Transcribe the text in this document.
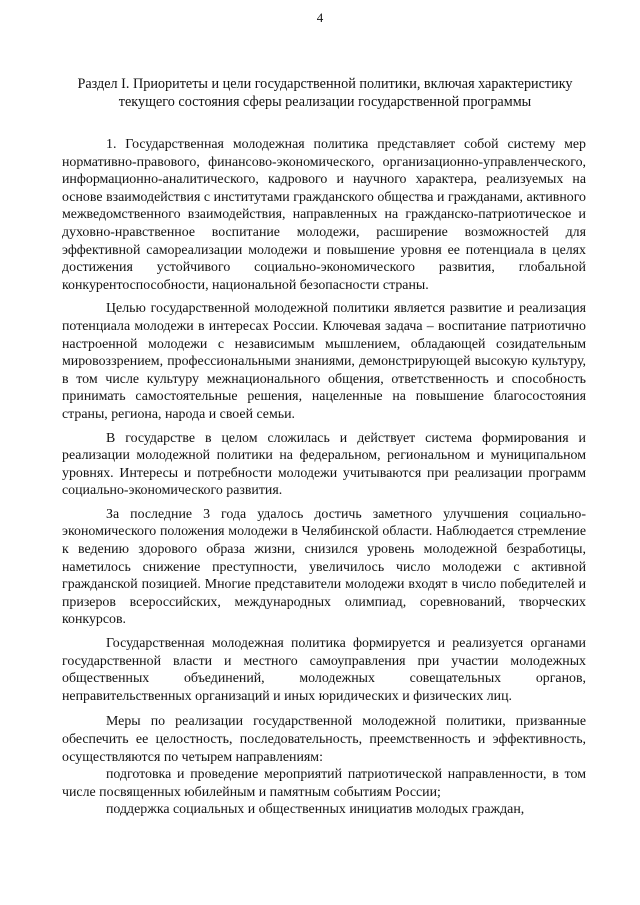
4
Раздел I. Приоритеты и цели государственной политики, включая характеристику текущего состояния сферы реализации государственной программы

1. Государственная молодежная политика представляет собой систему мер нормативно-правового, финансово-экономического, организационно-управленческого, информационно-аналитического, кадрового и научного характера, реализуемых на основе взаимодействия с институтами гражданского общества и гражданами, активного межведомственного взаимодействия, направленных на гражданско-патриотическое и духовно-нравственное воспитание молодежи, расширение возможностей для эффективной самореализации молодежи и повышение уровня ее потенциала в целях достижения устойчивого социально-экономического развития, глобальной конкурентоспособности, национальной безопасности страны.

Целью государственной молодежной политики является развитие и реализация потенциала молодежи в интересах России. Ключевая задача – воспитание патриотично настроенной молодежи с независимым мышлением, обладающей созидательным мировоззрением, профессиональными знаниями, демонстрирующей высокую культуру, в том числе культуру межнационального общения, ответственность и способность принимать самостоятельные решения, нацеленные на повышение благосостояния страны, региона, народа и своей семьи.

В государстве в целом сложилась и действует система формирования и реализации молодежной политики на федеральном, региональном и муниципальном уровнях. Интересы и потребности молодежи учитываются при реализации программ социально-экономического развития.

За последние 3 года удалось достичь заметного улучшения социально-экономического положения молодежи в Челябинской области. Наблюдается стремление к ведению здорового образа жизни, снизился уровень молодежной безработицы, наметилось снижение преступности, увеличилось число молодежи с активной гражданской позицией. Многие представители молодежи входят в число победителей и призеров всероссийских, международных олимпиад, соревнований, творческих конкурсов.

Государственная молодежная политика формируется и реализуется органами государственной власти и местного самоуправления при участии молодежных общественных объединений, молодежных совещательных органов, неправительственных организаций и иных юридических и физических лиц.

Меры по реализации государственной молодежной политики, призванные обеспечить ее целостность, последовательность, преемственность и эффективность, осуществляются по четырем направлениям:

подготовка и проведение мероприятий патриотической направленности, в том числе посвященных юбилейным и памятным событиям России;

поддержка социальных и общественных инициатив молодых граждан,
